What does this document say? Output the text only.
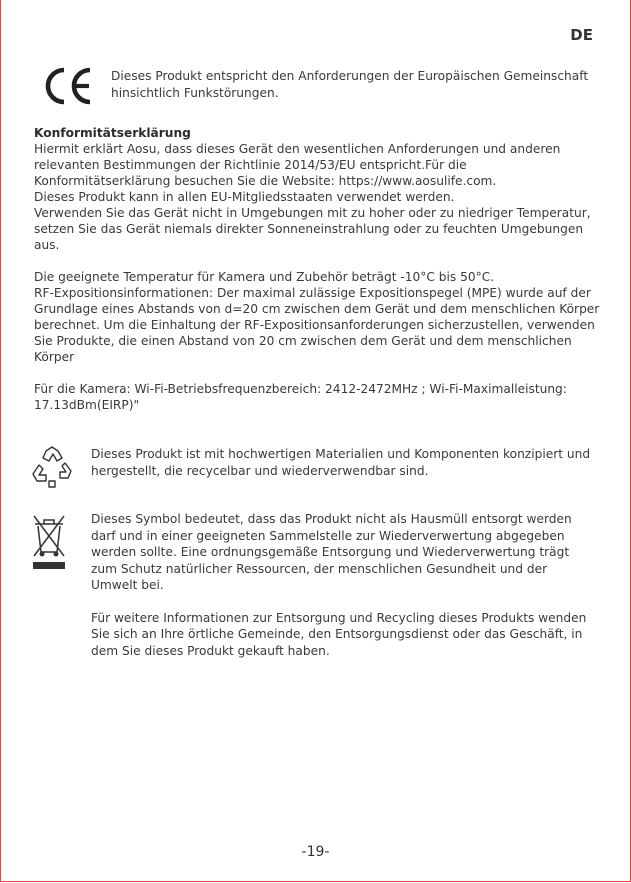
DE
Dieses Produkt entspricht den Anforderungen der Europäischen Gemeinschaft hinsichtlich Funkstörungen.

Konformitätserklärung

Hiermit erklärt Aosu, dass dieses Gerät den wesentlichen Anforderungen und anderen relevanten Bestimmungen der Richtlinie 2014/53/EU entspricht.Für die Konformitätserklärung besuchen Sie die Website: https://www.aosulife.com.

Dieses Produkt kann in allen EU-Mitgliedsstaaten verwendet werden.

Verwenden Sie das Gerät nicht in Umgebungen mit zu hoher oder zu niedriger Temperatur, setzen Sie das Gerät niemals direkter Sonneneinstrahlung oder zu feuchten Umgebungen aus.

Die geeignete Temperatur für Kamera und Zubehör beträgt -10°C bis 50°C.

RF-Expositionsinformationen: Der maximal zulässige Expositionspegel (MPE) wurde auf der Grundlage eines Abstands von d=20 cm zwischen dem Gerät und dem menschlichen Körper berechnet. Um die Einhaltung der RF-Expositionsanforderungen sicherzustellen, verwenden Sie Produkte, die einen Abstand von 20 cm zwischen dem Gerät und dem menschlichen Körper

Für die Kamera: Wi-Fi-Betriebsfrequenzbereich: 2412-2472MHz ; Wi-Fi-Maximalleistung: 17.13dBm(EIRP)"

Dieses Produkt ist mit hochwertigen Materialien und Komponenten konzipiert und hergestellt, die recycelbar und wiederverwendbar sind.

Dieses Symbol bedeutet, dass das Produkt nicht als Hausmüll entsorgt werden darf und in einer geeigneten Sammelstelle zur Wiederverwertung abgegeben werden sollte. Eine ordnungsgemäße Entsorgung und Wiederverwertung trägt zum Schutz natürlicher Ressourcen, der menschlichen Gesundheit und der Umwelt bei.

Für weitere Informationen zur Entsorgung und Recycling dieses Produkts wenden Sie sich an Ihre örtliche Gemeinde, den Entsorgungsdienst oder das Geschäft, in dem Sie dieses Produkt gekauft haben.

-19-
